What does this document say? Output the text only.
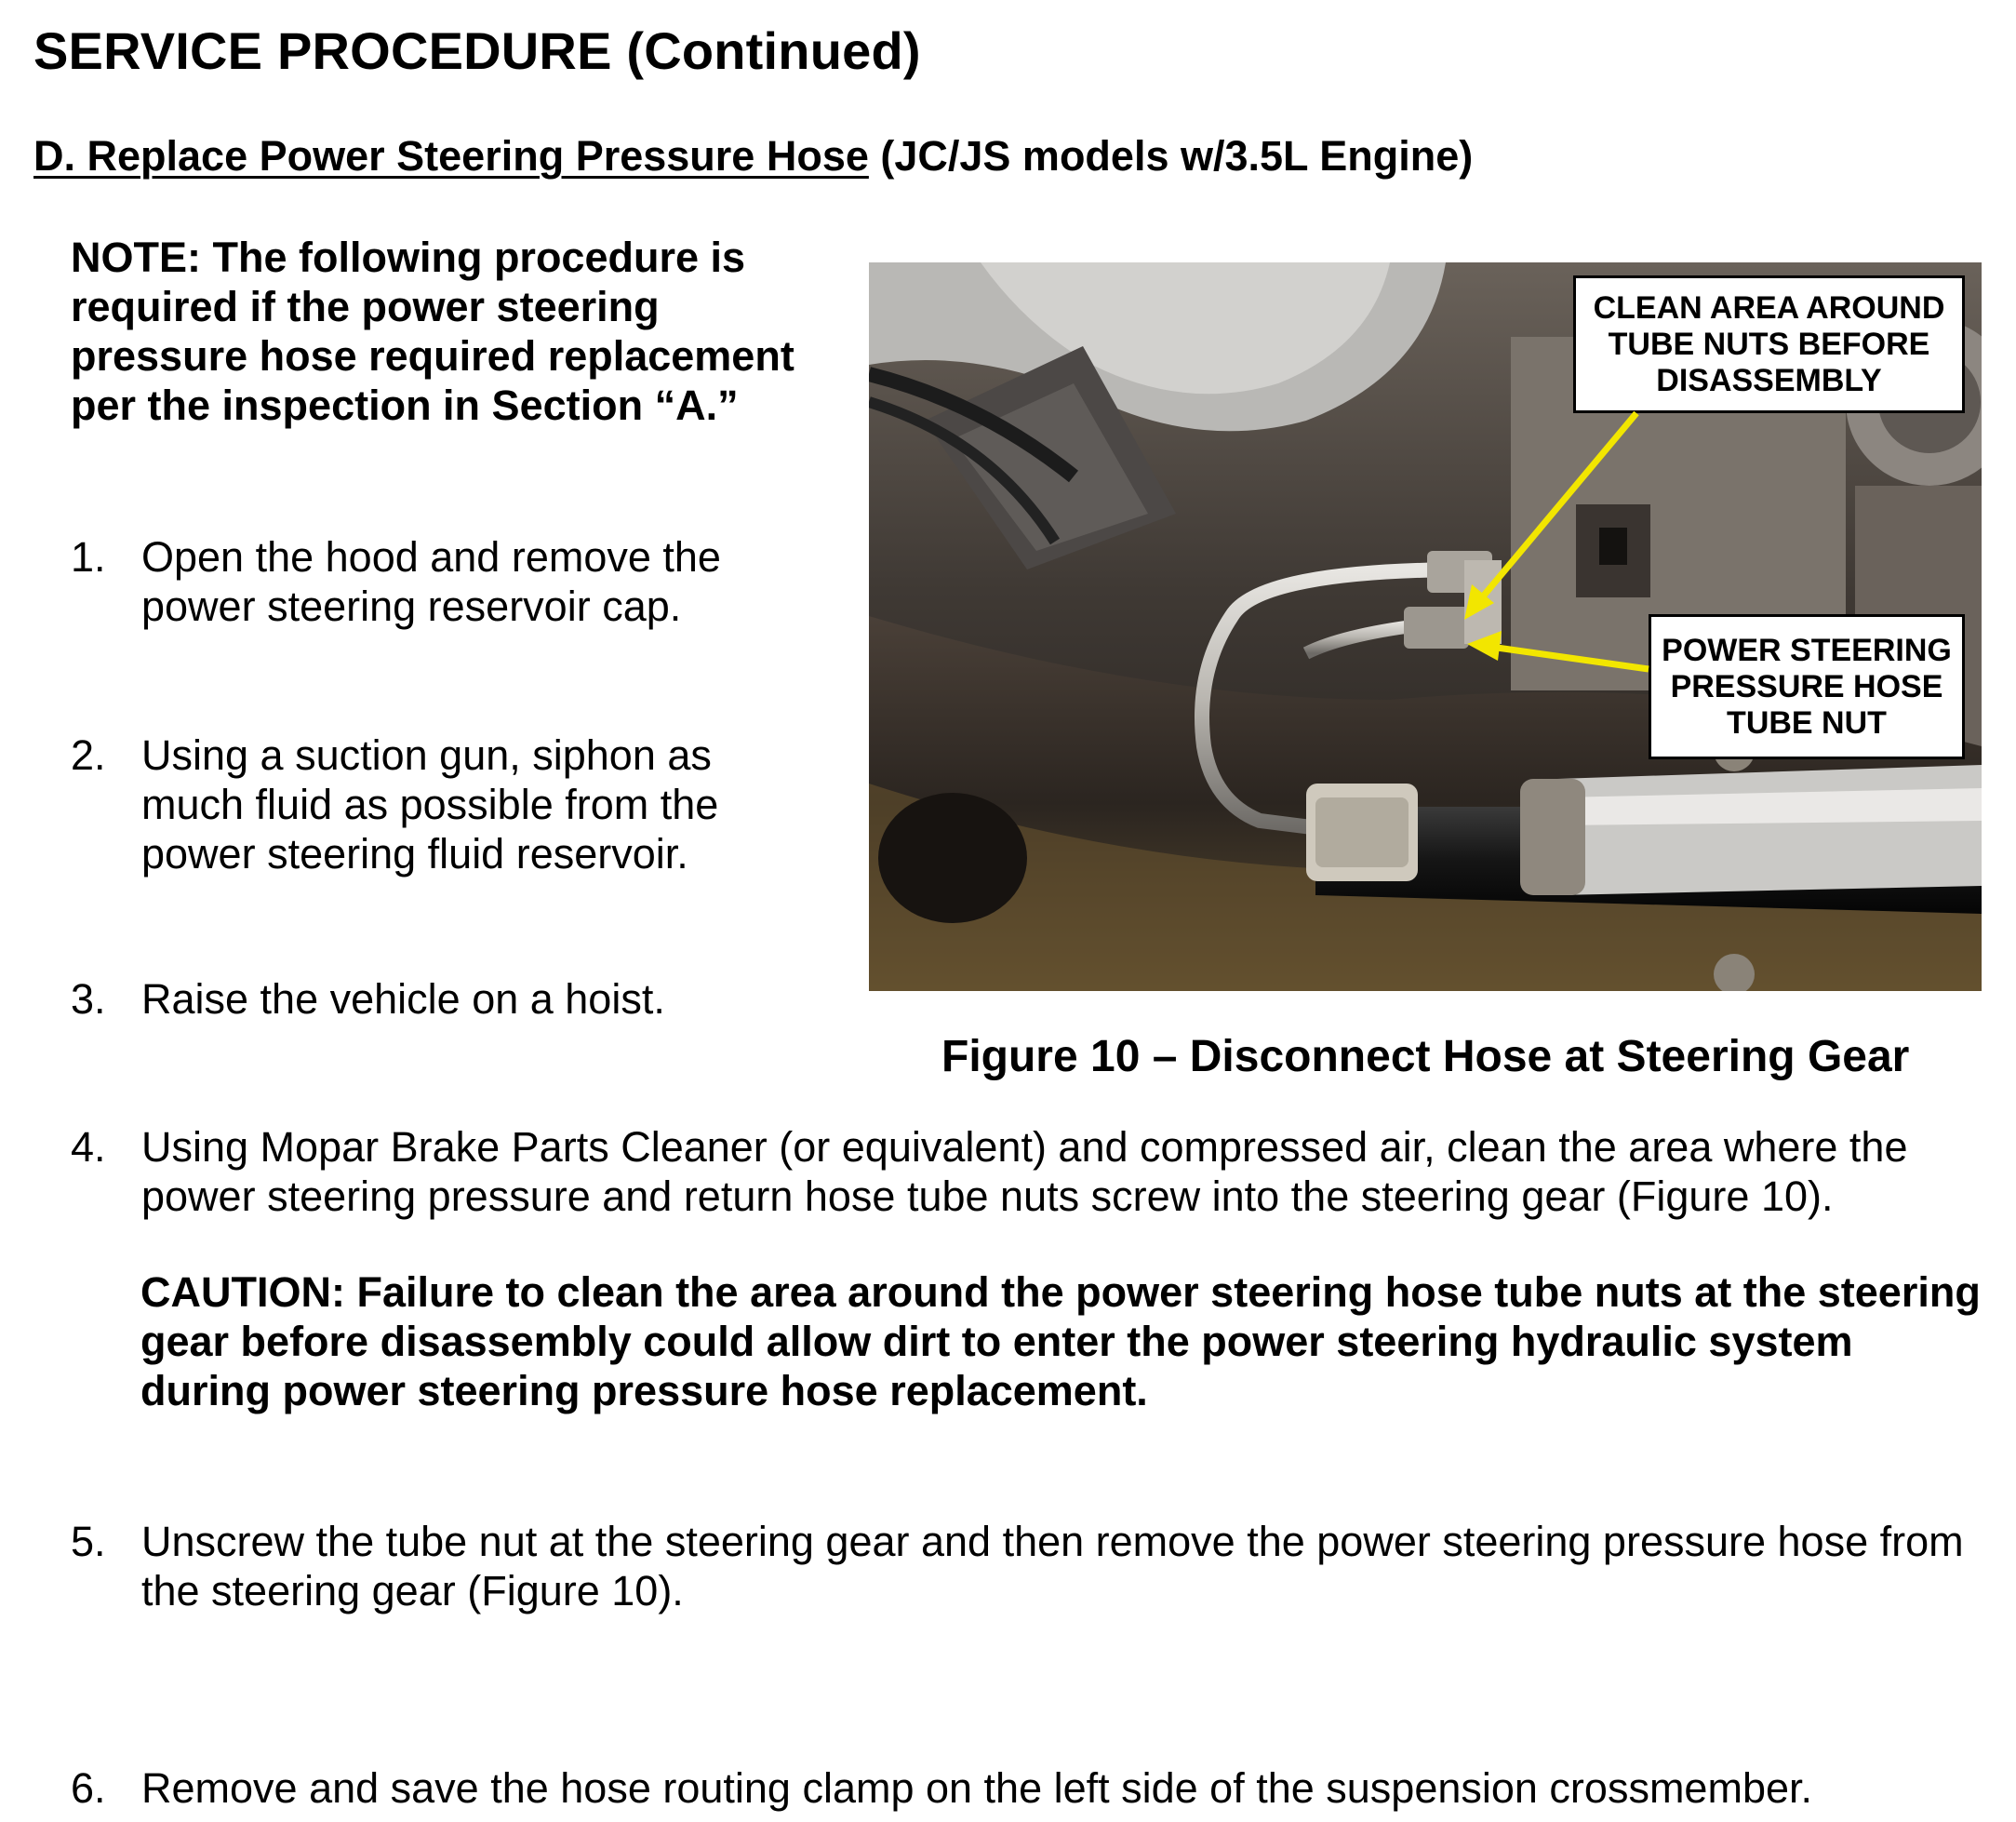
SERVICE PROCEDURE (Continued)
D. Replace Power Steering Pressure Hose (JC/JS models w/3.5L Engine)

NOTE: The following procedure is required if the power steering pressure hose required replacement per the inspection in Section “A.”

1. Open the hood and remove the
power steering reservoir cap.
2. Using a suction gun, siphon as
much fluid as possible from the
power steering fluid reservoir.
3. Raise the vehicle on a hoist.
CLEAN AREA AROUND
TUBE NUTS BEFORE
DISASSEMBLY
POWER STEERING
PRESSURE HOSE
TUBE NUT

Figure 10 – Disconnect Hose at Steering Gear

4. Using Mopar Brake Parts Cleaner (or equivalent) and compressed air, clean the area where the
power steering pressure and return hose tube nuts screw into the steering gear (Figure 10).

CAUTION: Failure to clean the area around the power steering hose tube nuts at the steering gear before disassembly could allow dirt to enter the power steering hydraulic system during power steering pressure hose replacement.

5. Unscrew the tube nut at the steering gear and then remove the power steering pressure hose from
the steering gear (Figure 10).
6. Remove and save the hose routing clamp on the left side of the suspension crossmember.
